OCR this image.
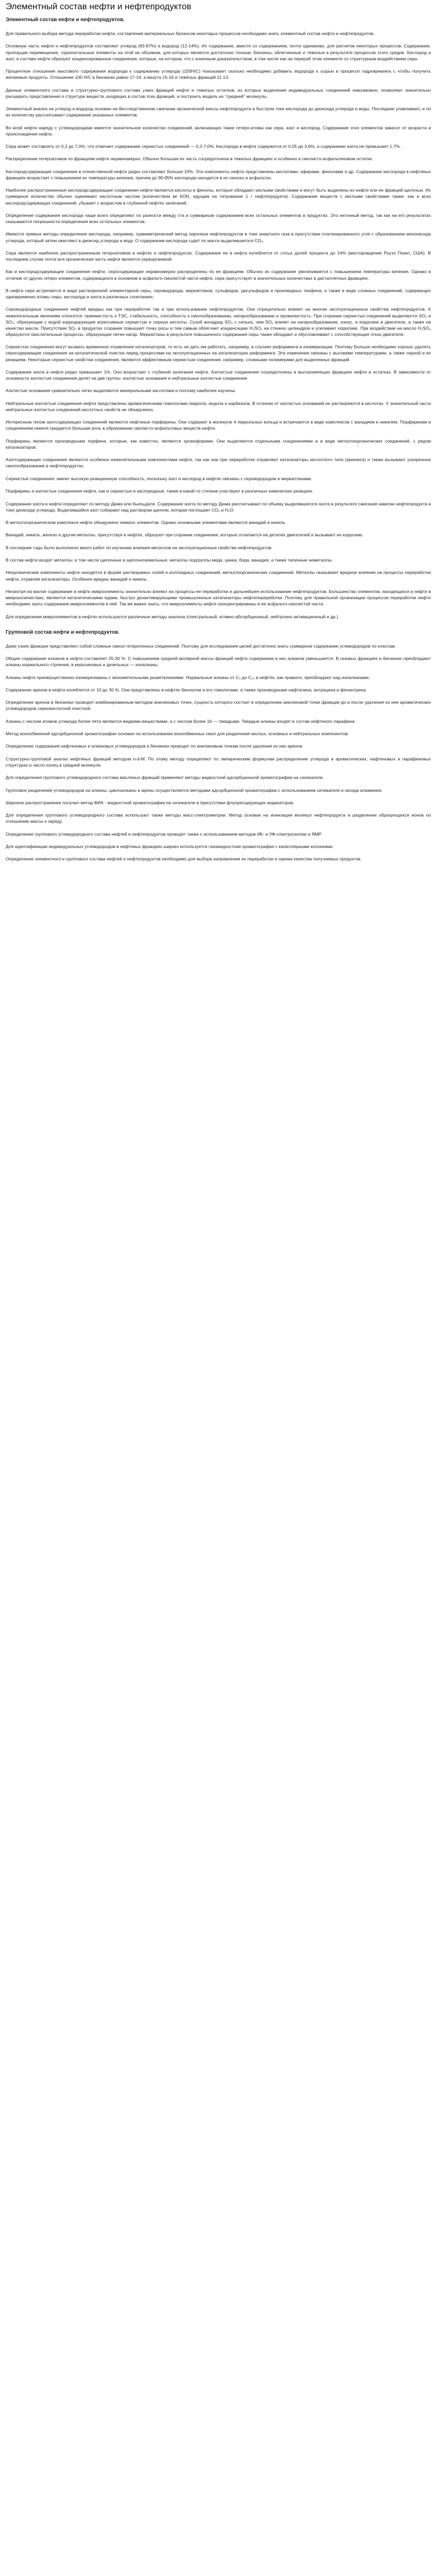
Элементный состав нефти и нефтепродуктов
Элементный состав нефти и нефтепродуктов.

Для правильного выбора метода переработки нефти, составления материальных балансов некоторых процессов необходимо знать элементный состав нефти и нефтепродуктов.

Основную часть нефти и нефтепродуктов составляют углерод (83-87%) и водород (12-14%). Их содержание, вместе со содержанием, почти одинаково, для расчетов некоторых процессов. Содержание, пропорции перемещение, горизонтальные элементы на этой не объемом, для которых является достаточно точным. Бензины, облегченные и тяжелые в результате процессов этого средне. Кислород и азот, в составе нефти образуют конденсированные соединения, которые, на котором, что с конечным доказательством, в том числе как на перераб этом элементе со структурным воздействием серы

Процентное отношение массового содержания водорода к содержанию углерода (100H/C) показывает сколько необходимо добавить водорода к сырью в процессе гидрокрекинга с чтобы получить желаемые продукты. Отношение 100 H/C в бензинах равно 17-19, а мазута 15-16 и тяжёлых фракций 11-13.

Данные элементного состава и структурно-группового состава узких фракций нефти и тяжелых остатков, из которых выделения индивидуальных соединений невозможно, позволяют значительно расширить представления о структуре веществ, входящих в состав этих фракций, и построить модель их "средней" молекулы.

Элементный анализ на углерод и водород основан на бесследственном сжигании органической массы нефтепродукта в быстром токе кислорода до диоксида углерода и воды. Последние улавливают, и по их количеству рассчитывают содержание указанных элементов.

Во всей нефти наряду с углеводородами имеется значительное количество соединений, включающих такие гетеро-атомы как сера, азот и кислород. Содержание этих элементов зависит от возраста и происхождения нефти.

Сера может составлять от 0,2 до 7,0%, что отвечает содержанию сернистых соединений — 0,2-7,0%. Кислорода в нефти содержится от 0,05 до 3,6%, а содержание азота не превышает 1,7%.

Распределение гетероатомов по фракциям нефти неравномерно. Обычно большая их часть сосредоточена в тяжелых фракциях и особенно в смолисто-асфальтеновом остатке.

Кислородсодержащие соединения в отечественной нефти редко составляют больше 10%. Эти компоненты нефти представлены кислотами, эфирами, фенолами и др. Содержание кислорода в нефтяных фракциях возрастает с повышением их температуры кипения, причем до 90-95% кислорода находится в их смолах и асфальтах.

Наиболее распространенные кислородсодержащие соединения нефти являются кислоты и фенолы, которые обладают кислыми свойствами и могут быть выделены из нефти или ее фракций щелочью. Их суммарное количество обычно оценивают кислотным числом (количеством мг КОН, идущим на титрование 1 г нефтепродукта). Содержание веществ с кислыми свойствами также, как и всех кислородсодержащих соединений, убывает с возрастом в глубинной нефтях залеганий.

Определение содержания кислорода чаще всего определяют по разности между ста и суммарным содержанием всех остальных элементов в продуктах. Это неточный метод, так как на его результатах сказываются погрешности определения всех остальных элементов.

Имеются прямые методы определения кислорода, например, гравиметрический метод пиролиза нефтепродуктов в токе инертного газа в присутствии платинированного угля с образованием монооксида углерода, который затем окисляют в диоксид углерода и воду. О содержании кислорода судят по массе выделившегося CO₂.

Сера является наиболее распространенным гетероатомом в нефтях и нефтепродуктах. Содержание ее в нефти колеблется от сотых долей процента до 14% (месторождение Роузл Поинт, США). В последнем случае почти вся органическая часть нефти является сераорганикой.

Как и кислородсодержащие соединения нефти, серосодержащие неравномерно распределены по ее фракциям. Обычно их содержание увеличивается с повышением температуры кипения. Однако в отличие от других гетеро элементов, содержащихся в основном в асфальто-смолистой части нефти, сера присутствует в значительных количествах в дистиллятных фракциях.

В нефти сера встречается в виде растворенной элементарной серы, сероводорода, меркаптанов, сульфидов, дисульфидов и производных тиофена, а также в виде сложных соединений, содержащих одновременно атомы серы, кислорода и азота в различных сочетаниях.

Сероводородные соединения нефтей вредны как при переработке так и при использовании нефтепродуктов. Они отрицательно влияют на многие эксплуатационные свойства нефтепродуктов. К нежелательным явлениям относятся: приемистость к ТЭС, стабильность, способность к смолообразованию, нагарообразованию и прожилистость. При сгорании сернистых соединений выделяются SO₂ и SO₃, образующие с водой корродирующие агрессивные сернистую и серную кислоты. Сухой ангидрид SO₂ с сильно, чем SO₂ влияет на нагарообразование, износ, и коррозию в двигателе, а также на качество масла. Присутствие SO₂ в продуктах сгорания повышает точку росы и тем самым облегчает конденсацию H₂SO₄ на стенках цилиндров и усиливает коррозию. При воздействии на масло H₂SO₄ образуются окислительные процессы, образующие летен нагар. Меркаптаны в результате повышенного содержания серы также обладают и обусловливают с способствующие отказ двигателя.

Сернистые соединения могут вызвать временное отравление катализаторов, то есть не дать им работать, например, в случаях реформинга и изомеризации. Поэтому Больше необходимо хорошо удалять серосодержащие соединения на каталитической очистке перед процессами на эксплуатационных на катализаторах реформинга. Эти изменения связаны с высокими температурами, а также серной и их реакциям. Некоторые сернистые свойства соединения, являются эффективным сернистым соединения, например, сложными полимерами для выделенных фракций.

Содержание азота в нефти редко превышает 1%. Оно возрастает с глубиной залегания нефти. Азотистые соединения сосредоточены в высококипящих фракциях нефти и остатках. В зависимости от основности азотистые соединения делят на две группы: азотистые основания и нейтральные азотистые соединения.

Азотистые основания сравнительно легко выделяются минеральными кислотами и поэтому наиболее изучены.

Нейтральные азотистые соединения нефти представлены ароматическими гомологами пиррола, индола и карбазола. В отличии от азотистых оснований не растворяются в кислотах. У значительной части нейтральных азотистых соединений кислотных свойств не обнаружено.

Интересным типом азотсодержащих соединений являются нефтяные порфирины. Они содержат в молекуле 4 пиррольных кольца и встречаются в виде комплексов с ванадием и никелем. Порфиринам и соединениям никеля придается большая роль в образовании смолисто-асфальтовых веществ нефти.

Порфирины являются производными порфина, которые, как известно, являются хромофорами. Они выделяются отдельными соединениями и в виде металлоорганических соединений, с рядом катализаторов.

Азотсодержащие соединения являются особенно нежелательными компонентами нефти, так как они при переработке отравляют катализаторы кислотного типа (крекинга) и также вызывают ускоренное смолообразование в нефтепродуктах.

Сернистые соединения: имеют высокую реакционную способность, поскольку азот и кислород в нефтях связаны с сероводородом и меркаптанами.

Порфирины и азотистые соединения нефти, как и сернистые и кислородные, также в какой-то степени участвуют в различных химических реакциях.

Содержание азота в нефти определяют по методу Дюма или Кьельдаля. Содержание азота по методу Дюма рассчитывают по объему выделившегося азота в результате сжигания навески нефтепродукта в токе диоксида углерода. Выделившийся азот собирают над раствором щелочи, которая поглощает CO₂ и H₂O.

В металлоорганическом комплексе нефти обнаружено немало элементов. Однако основными элементами являются ванадий и никель.

Ванадий, никель, железо и другие металлы, присутствуя в нефтях, образуют при сгорании соединения, которые отлагаются на деталях двигателей и вызывают их коррозию.

В последние годы было выполнено много работ по изучению влияния металлов на эксплуатационные свойства нефтепродуктов.

В состав нефти входят металлы, в том числе щелочные и щелочноземельные, металлы подгруппы меди, цинка, бора, ванадия, а также типичные неметаллы.

Неорганические компоненты нефти находятся в форме растворимых солей и коллоидных соединений, металлоорганических соединений. Металлы оказывают вредное влияние на процессы переработки нефти, отравляя катализаторы. Особенно вредны ванадий и никель.

Несмотря на малое содержание в нефти микроэлементы значительно влияют на процессы ее переработки и дальнейшее использование нефтепродуктов. Большинство элементов, находящихся в нефти в микроколичествах, являются каталитическими ядами, быстро дезактивирующими промышленные катализаторы нефтепереработки. Поэтому для правильной организации процессов переработки нефти необходимо знать содержание микроэлементов в ней. Так же важно знать, что микроэлементы нефти сконцентрированы в ее асфальто-смолистой части.

Для определения микроэлементов в нефтях используются различные методы анализа (спектральный, атомно-абсорбционный, нейтронно-активационный и др.).

Групповой состав нефти и нефтепродуктов.

Даже узкие фракции представляют собой сложные смеси гетерогенных соединений. Поэтому для исследования целей достаточно знать суммарное содержание углеводородов по классам.

Общее содержание алканов в нефти составляет 25-30 %. С повышением средней молярной массы фракций нефти содержание в них алканов уменьшается. В газовых фракциях и бензинах преобладают алканы нормального строения, в керосиновых и дизельных — изоалканы.

Алканы нефти преимущественно изомеризованы с монометильными разветвлениями. Нормальные алканы от C₅ до C₁₅ в нефтях, как правило, преобладают над изоалканами.

Содержание аренов в нефти колеблется от 10 до 30 %. Они представлены в нефтях бензолом и его гомологами, а также производными нафталина, антрацена и фенантрена.

Определение аренов в бензинах проводят комбинированным методом анилиновых точек, сущность которого состоит в определении анилиновой точки фракции до и после удаления из нее ароматических углеводородов сернокислотной очисткой.

Алканы с числом атомов углерода более пяти являются жидкими веществами, а с числом более 16 — твердыми. Твердые алканы входят в состав нефтяного парафина.

Метод ионообменной адсорбционной хроматографии основан на использовании ионообменных смол для разделения кислых, основных и нейтральных компонентов.

Определение содержания нафтеновых и алкановых углеводородов в бензинах проводят по анилиновым точкам после удаления из них аренов.

Структурно-групповой анализ нефтяных фракций методом n-d-M. По этому методу определяют по эмпирическим формулам распределение углерода в ароматических, нафтеновых и парафиновых структурах и число колец в средней молекуле.

Для определения группового углеводородного состава масляных фракций применяют методы жидкостной адсорбционной хроматографии на силикагеле.

Групповое разделение углеводородов на алканы, циклоалканы и арены осуществляется методами адсорбционной хроматографии с использованием силикагеля и оксида алюминия.

Широкое распространение получил метод ФИА - жидкостной хроматографии на силикагеле в присутствии флуоресцирующих индикаторов.

Для определения группового углеводородного состава используют также методы масс-спектрометрии. Метод основан на ионизации молекул нефтепродукта и разделении образующихся ионов по отношению массы к заряду.

Определение группового углеводородного состава нефтей и нефтепродуктов проводят также с использованием методов ИК- и УФ-спектроскопии и ЯМР.

Для идентификации индивидуальных углеводородов в нефтяных фракциях широко используется газожидкостная хроматография с капиллярными колонками.

Определение элементного и группового состава нефтей и нефтепродуктов необходимо для выбора направления их переработки и оценки качества получаемых продуктов.
